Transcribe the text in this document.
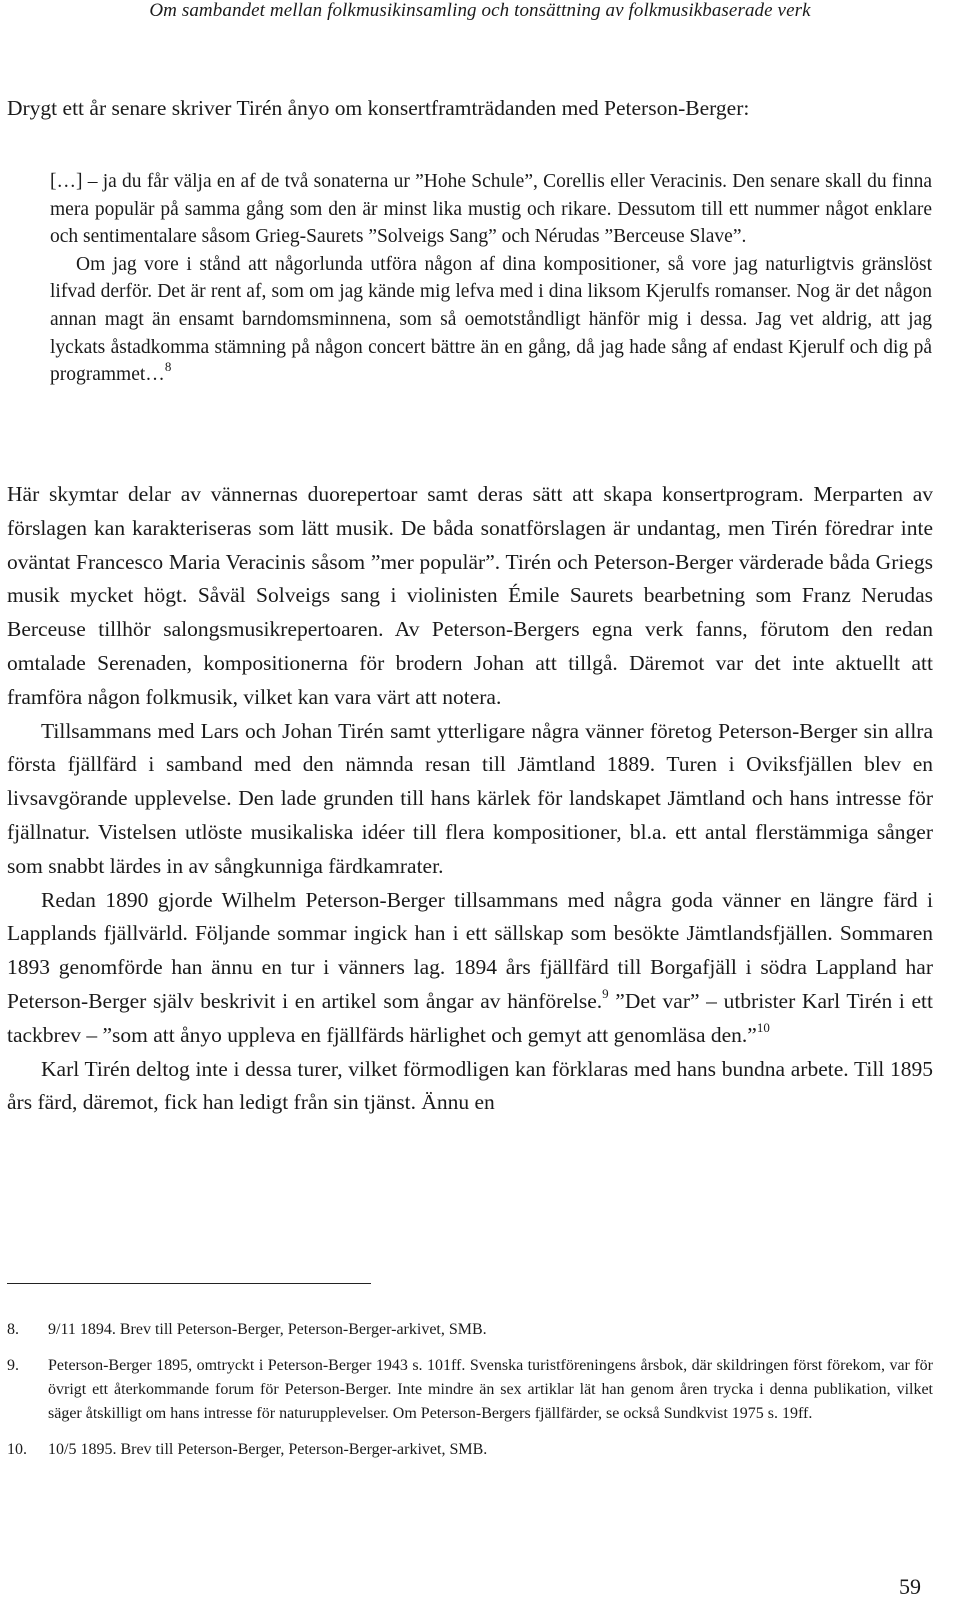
Om sambandet mellan folkmusikinsamling och tonsättning av folkmusikbaserade verk

Drygt ett år senare skriver Tirén ånyo om konsertframträdanden med Peterson-Berger:

[…] – ja du får välja en af de två sonaterna ur ”Hohe Schule”, Corellis eller Veracinis. Den senare skall du finna mera populär på samma gång som den är minst lika mustig och rikare. Dessutom till ett nummer något enklare och sentimentalare såsom Grieg-Saurets ”Solveigs Sang” och Nérudas ”Berceuse Slave”.

Om jag vore i stånd att någorlunda utföra någon af dina kompositioner, så vore jag naturligtvis gränslöst lifvad derför. Det är rent af, som om jag kände mig lefva med i dina liksom Kjerulfs romanser. Nog är det någon annan magt än ensamt barndomsminnena, som så oemotståndligt hänför mig i dessa. Jag vet aldrig, att jag lyckats åstadkomma stämning på någon concert bättre än en gång, då jag hade sång af endast Kjerulf och dig på programmet…$^8$

Här skymtar delar av vännernas duorepertoar samt deras sätt att skapa konsertprogram. Merparten av förslagen kan karakteriseras som lätt musik. De båda sonatförslagen är undantag, men Tirén föredrar inte oväntat Francesco Maria Veracinis såsom ”mer populär”. Tirén och Peterson-Berger värderade båda Griegs musik mycket högt. Såväl Solveigs sang i violinisten Émile Saurets bearbetning som Franz Nerudas Berceuse tillhör salongsmusikrepertoaren. Av Peterson-Bergers egna verk fanns, förutom den redan omtalade Serenaden, kompositionerna för brodern Johan att tillgå. Däremot var det inte aktuellt att framföra någon folkmusik, vilket kan vara värt att notera.

Tillsammans med Lars och Johan Tirén samt ytterligare några vänner företog Peterson-Berger sin allra första fjällfärd i samband med den nämnda resan till Jämtland 1889. Turen i Oviksfjällen blev en livsavgörande upplevelse. Den lade grunden till hans kärlek för landskapet Jämtland och hans intresse för fjällnatur. Vistelsen utlöste musikaliska idéer till flera kompositioner, bl.a. ett antal flerstämmiga sånger som snabbt lärdes in av sångkunniga färdkamrater.

Redan 1890 gjorde Wilhelm Peterson-Berger tillsammans med några goda vänner en längre färd i Lapplands fjällvärld. Följande sommar ingick han i ett sällskap som besökte Jämtlandsfjällen. Sommaren 1893 genomförde han ännu en tur i vänners lag. 1894 års fjällfärd till Borgafjäll i södra Lappland har Peterson-Berger själv beskrivit i en artikel som ångar av hänförelse.$^9$ ”Det var” – utbrister Karl Tirén i ett tackbrev – ”som att ånyo uppleva en fjällfärds härlighet och gemyt att genomläsa den.”$^{10}$

Karl Tirén deltog inte i dessa turer, vilket förmodligen kan förklaras med hans bundna arbete. Till 1895 års färd, däremot, fick han ledigt från sin tjänst. Ännu en

8.	9/11 1894. Brev till Peterson-Berger, Peterson-Berger-arkivet, SMB.
9.	Peterson-Berger 1895, omtryckt i Peterson-Berger 1943 s. 101ff. Svenska turistföreningens årsbok, där skildringen först förekom, var för övrigt ett återkommande forum för Peterson-Berger. Inte mindre än sex artiklar lät han genom åren trycka i denna publikation, vilket säger åtskilligt om hans intresse för naturupplevelser. Om Peterson-Bergers fjällfärder, se också Sundkvist 1975 s. 19ff.
10.	10/5 1895. Brev till Peterson-Berger, Peterson-Berger-arkivet, SMB.
59
